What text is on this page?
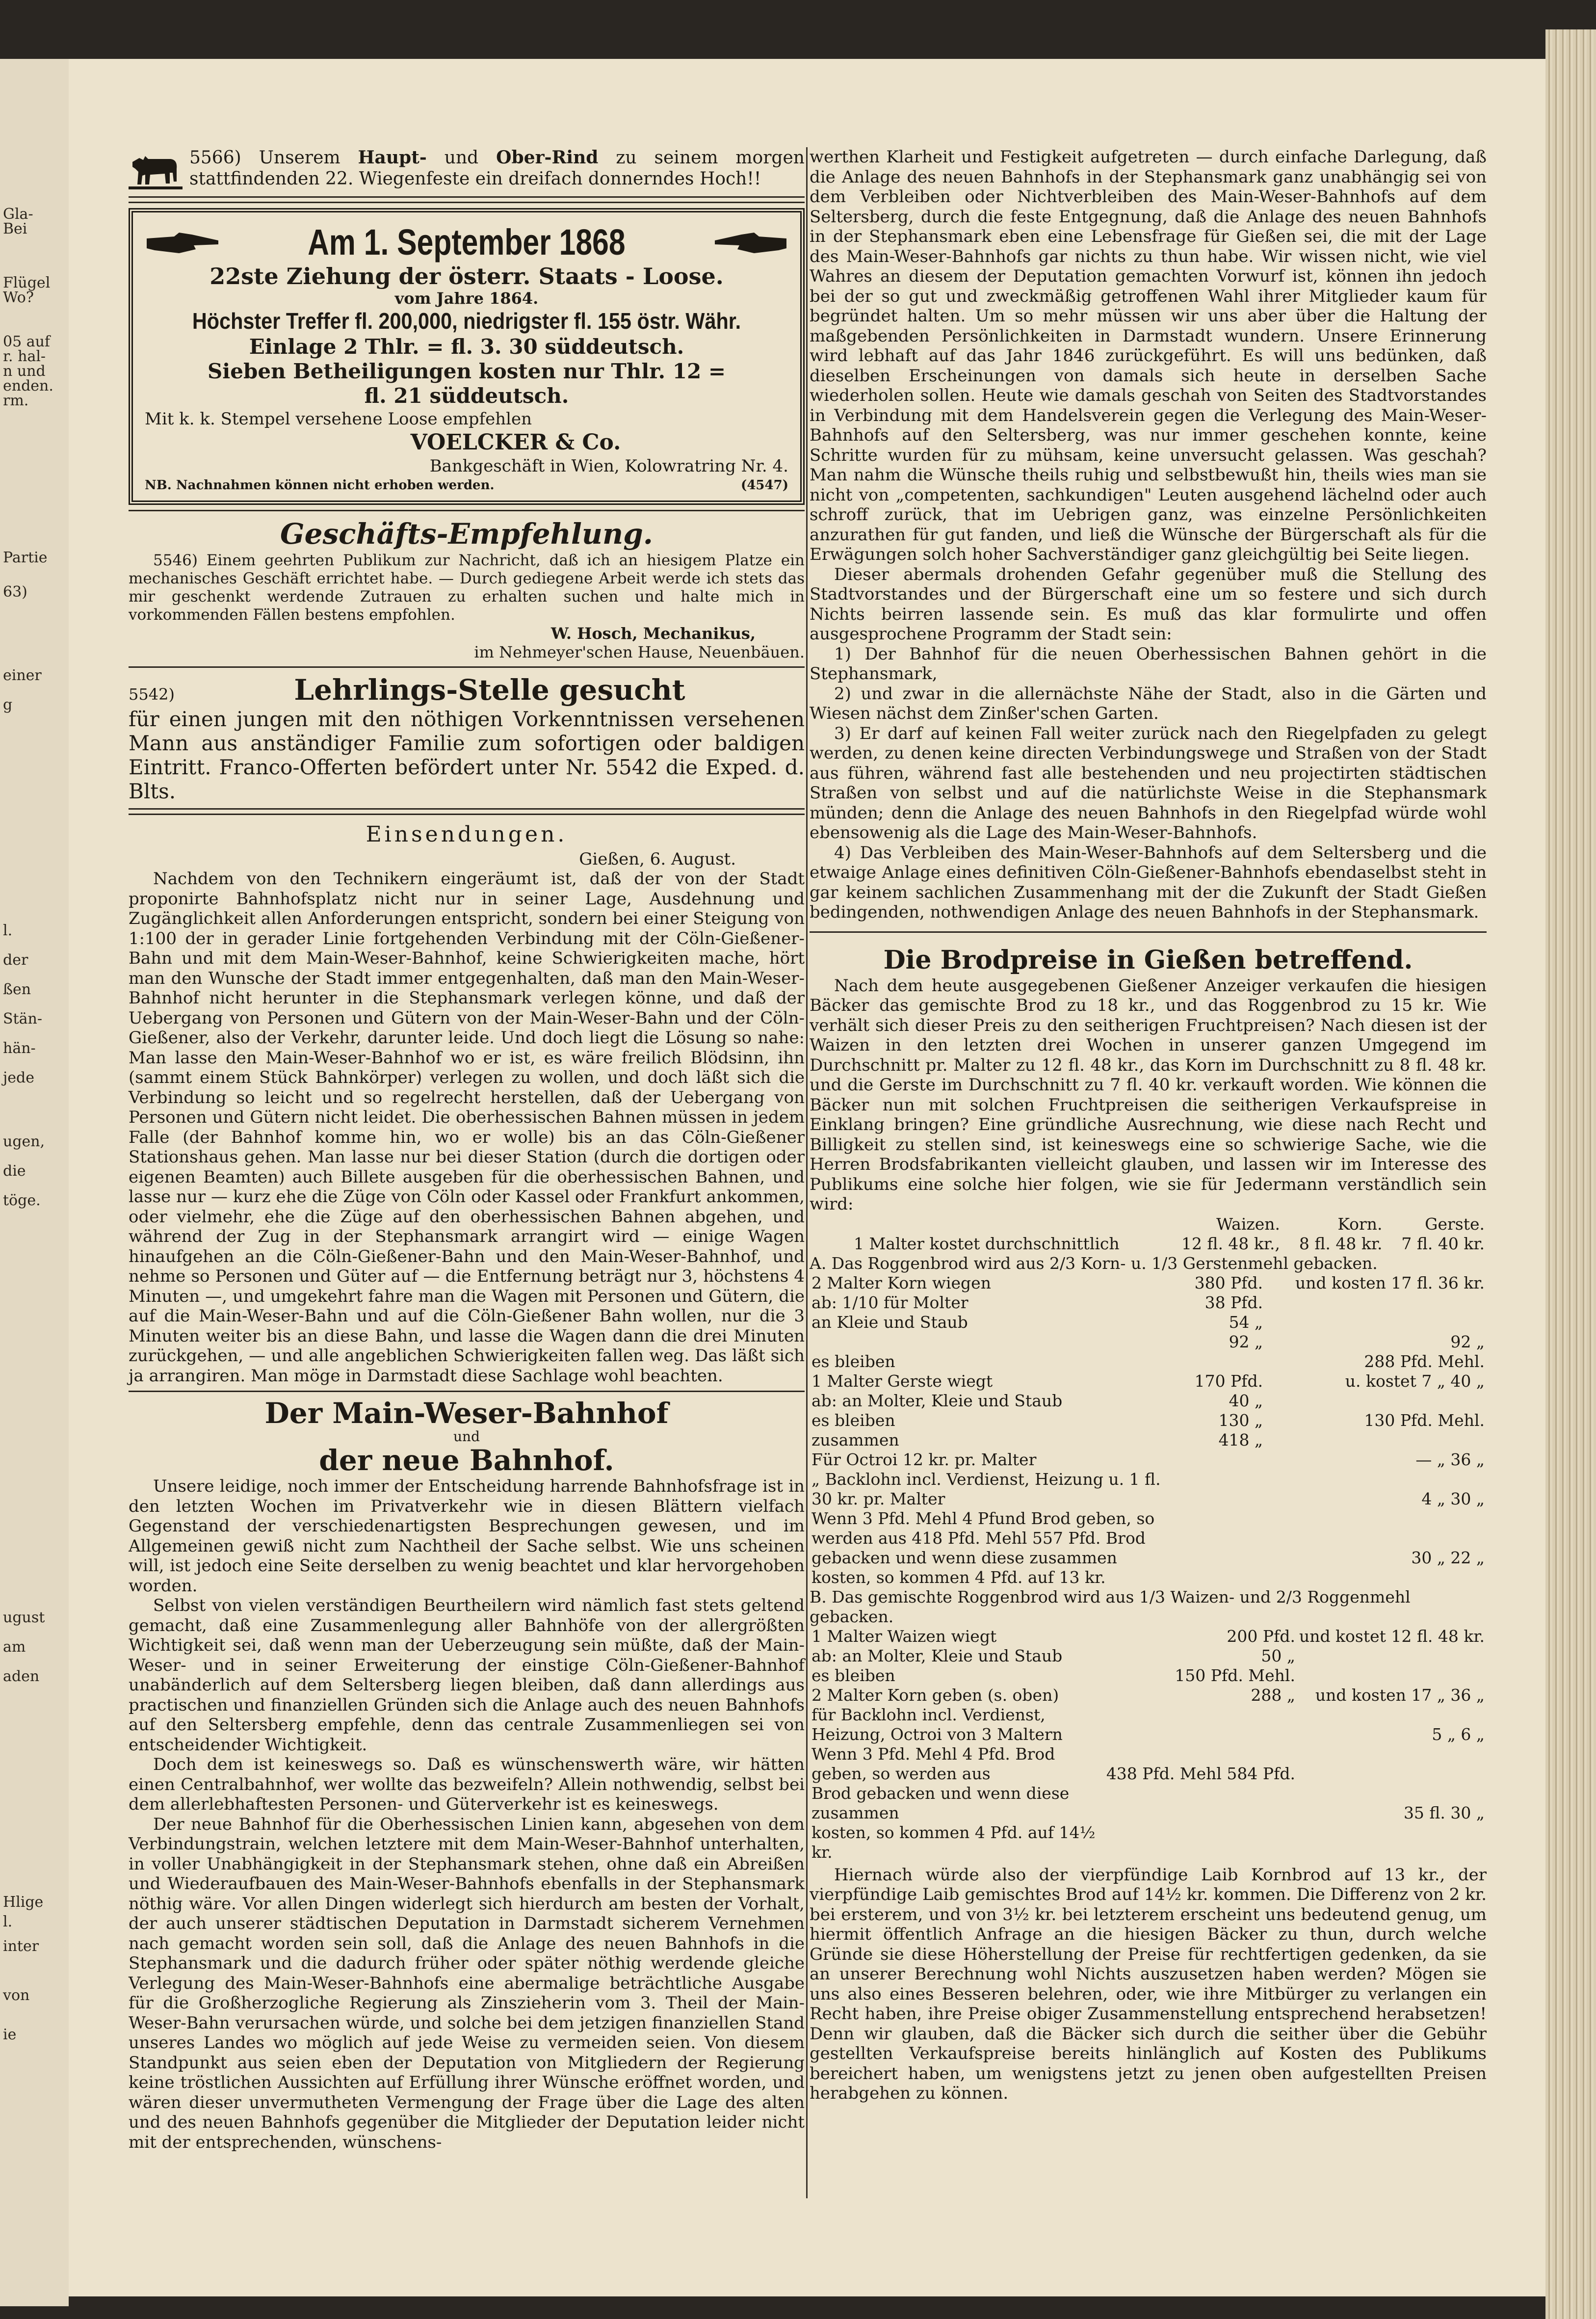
Gla-
Bei
Flügel
Wo?
05 auf
r. hal-
n und
enden.
rm.
Partie
63)
einer
g
l.
der
ßen
Stän-
hän-
jede
ugen,
die
töge.
ugust
am
aden
Hlige
l.
inter
von
ie

5566) Unserem Haupt- und Ober-Rind zu seinem morgen stattfindenden 22. Wiegenfeste ein dreifach donnerndes Hoch!!

Am 1. September 1868
22ste Ziehung der österr. Staats - Loose.
vom Jahre 1864.
Höchster Treffer fl. 200,000, niedrigster fl. 155 östr. Währ.
Einlage 2 Thlr. = fl. 3. 30 süddeutsch.
Sieben Betheiligungen kosten nur Thlr. 12 =
fl. 21 süddeutsch.
Mit k. k. Stempel versehene Loose empfehlen
VOELCKER & Co.
Bankgeschäft in Wien, Kolowratring Nr. 4.
NB. Nachnahmen können nicht erhoben werden.	(4547)
Geschäfts-Empfehlung.

5546) Einem geehrten Publikum zur Nachricht, daß ich an hiesigem Platze ein mechanisches Geschäft errichtet habe. — Durch gediegene Arbeit werde ich stets das mir geschenkt werdende Zutrauen zu erhalten suchen und halte mich in vorkommenden Fällen bestens empfohlen.

W. Hosch, Mechanikus,
im Nehmeyer'schen Hause, Neuenbäuen.
5542)	Lehrlings-Stelle gesucht

für einen jungen mit den nöthigen Vorkenntnissen versehenen Mann aus anständiger Familie zum sofortigen oder baldigen Eintritt. Franco-Offerten befördert unter Nr. 5542 die Exped. d. Blts.

Einsendungen.
Gießen, 6. August.

Nachdem von den Technikern eingeräumt ist, daß der von der Stadt proponirte Bahnhofsplatz nicht nur in seiner Lage, Ausdehnung und Zugänglichkeit allen Anforderungen entspricht, sondern bei einer Steigung von 1:100 der in gerader Linie fortgehenden Verbindung mit der Cöln-Gießener-Bahn und mit dem Main-Weser-Bahnhof, keine Schwierigkeiten mache, hört man den Wunsche der Stadt immer entgegenhalten, daß man den Main-Weser-Bahnhof nicht herunter in die Stephansmark verlegen könne, und daß der Uebergang von Personen und Gütern von der Main-Weser-Bahn und der Cöln-Gießener, also der Verkehr, darunter leide. Und doch liegt die Lösung so nahe: Man lasse den Main-Weser-Bahnhof wo er ist, es wäre freilich Blödsinn, ihn (sammt einem Stück Bahnkörper) verlegen zu wollen, und doch läßt sich die Verbindung so leicht und so regelrecht herstellen, daß der Uebergang von Personen und Gütern nicht leidet. Die oberhessischen Bahnen müssen in jedem Falle (der Bahnhof komme hin, wo er wolle) bis an das Cöln-Gießener Stationshaus gehen. Man lasse nur bei dieser Station (durch die dortigen oder eigenen Beamten) auch Billete ausgeben für die oberhessischen Bahnen, und lasse nur — kurz ehe die Züge von Cöln oder Kassel oder Frankfurt ankommen, oder vielmehr, ehe die Züge auf den oberhessischen Bahnen abgehen, und während der Zug in der Stephansmark arrangirt wird — einige Wagen hinaufgehen an die Cöln-Gießener-Bahn und den Main-Weser-Bahnhof, und nehme so Personen und Güter auf — die Entfernung beträgt nur 3, höchstens 4 Minuten —, und umgekehrt fahre man die Wagen mit Personen und Gütern, die auf die Main-Weser-Bahn und auf die Cöln-Gießener Bahn wollen, nur die 3 Minuten weiter bis an diese Bahn, und lasse die Wagen dann die drei Minuten zurückgehen, — und alle angeblichen Schwierigkeiten fallen weg. Das läßt sich ja arrangiren. Man möge in Darmstadt diese Sachlage wohl beachten.

Der Main-Weser-Bahnhof
und
der neue Bahnhof.

Unsere leidige, noch immer der Entscheidung harrende Bahnhofsfrage ist in den letzten Wochen im Privatverkehr wie in diesen Blättern vielfach Gegenstand der verschiedenartigsten Besprechungen gewesen, und im Allgemeinen gewiß nicht zum Nachtheil der Sache selbst. Wie uns scheinen will, ist jedoch eine Seite derselben zu wenig beachtet und klar hervorgehoben worden.

Selbst von vielen verständigen Beurtheilern wird nämlich fast stets geltend gemacht, daß eine Zusammenlegung aller Bahnhöfe von der allergrößten Wichtigkeit sei, daß wenn man der Ueberzeugung sein müßte, daß der Main-Weser- und in seiner Erweiterung der einstige Cöln-Gießener-Bahnhof unabänderlich auf dem Seltersberg liegen bleiben, daß dann allerdings aus practischen und finanziellen Gründen sich die Anlage auch des neuen Bahnhofs auf den Seltersberg empfehle, denn das centrale Zusammenliegen sei von entscheidender Wichtigkeit.

Doch dem ist keineswegs so. Daß es wünschenswerth wäre, wir hätten einen Centralbahnhof, wer wollte das bezweifeln? Allein nothwendig, selbst bei dem allerlebhaftesten Personen- und Güterverkehr ist es keineswegs.

Der neue Bahnhof für die Oberhessischen Linien kann, abgesehen von dem Verbindungstrain, welchen letztere mit dem Main-Weser-Bahnhof unterhalten, in voller Unabhängigkeit in der Stephansmark stehen, ohne daß ein Abreißen und Wiederaufbauen des Main-Weser-Bahnhofs ebenfalls in der Stephansmark nöthig wäre. Vor allen Dingen widerlegt sich hierdurch am besten der Vorhalt, der auch unserer städtischen Deputation in Darmstadt sicherem Vernehmen nach gemacht worden sein soll, daß die Anlage des neuen Bahnhofs in die Stephansmark und die dadurch früher oder später nöthig werdende gleiche Verlegung des Main-Weser-Bahnhofs eine abermalige beträchtliche Ausgabe für die Großherzogliche Regierung als Zinszieherin vom 3. Theil der Main-Weser-Bahn verursachen würde, und solche bei dem jetzigen finanziellen Stand unseres Landes wo möglich auf jede Weise zu vermeiden seien. Von diesem Standpunkt aus seien eben der Deputation von Mitgliedern der Regierung keine tröstlichen Aussichten auf Erfüllung ihrer Wünsche eröffnet worden, und wären dieser unvermutheten Vermengung der Frage über die Lage des alten und des neuen Bahnhofs gegenüber die Mitglieder der Deputation leider nicht mit der entsprechenden, wünschens-

werthen Klarheit und Festigkeit aufgetreten — durch einfache Darlegung, daß die Anlage des neuen Bahnhofs in der Stephansmark ganz unabhängig sei von dem Verbleiben oder Nichtverbleiben des Main-Weser-Bahnhofs auf dem Seltersberg, durch die feste Entgegnung, daß die Anlage des neuen Bahnhofs in der Stephansmark eben eine Lebensfrage für Gießen sei, die mit der Lage des Main-Weser-Bahnhofs gar nichts zu thun habe. Wir wissen nicht, wie viel Wahres an diesem der Deputation gemachten Vorwurf ist, können ihn jedoch bei der so gut und zweckmäßig getroffenen Wahl ihrer Mitglieder kaum für begründet halten. Um so mehr müssen wir uns aber über die Haltung der maßgebenden Persönlichkeiten in Darmstadt wundern. Unsere Erinnerung wird lebhaft auf das Jahr 1846 zurückgeführt. Es will uns bedünken, daß dieselben Erscheinungen von damals sich heute in derselben Sache wiederholen sollen. Heute wie damals geschah von Seiten des Stadtvorstandes in Verbindung mit dem Handelsverein gegen die Verlegung des Main-Weser-Bahnhofs auf den Seltersberg, was nur immer geschehen konnte, keine Schritte wurden für zu mühsam, keine unversucht gelassen. Was geschah? Man nahm die Wünsche theils ruhig und selbstbewußt hin, theils wies man sie nicht von „competenten, sachkundigen" Leuten ausgehend lächelnd oder auch schroff zurück, that im Uebrigen ganz, was einzelne Persönlichkeiten anzurathen für gut fanden, und ließ die Wünsche der Bürgerschaft als für die Erwägungen solch hoher Sachverständiger ganz gleichgültig bei Seite liegen.

Dieser abermals drohenden Gefahr gegenüber muß die Stellung des Stadtvorstandes und der Bürgerschaft eine um so festere und sich durch Nichts beirren lassende sein. Es muß das klar formulirte und offen ausgesprochene Programm der Stadt sein:

1) Der Bahnhof für die neuen Oberhessischen Bahnen gehört in die Stephansmark,

2) und zwar in die allernächste Nähe der Stadt, also in die Gärten und Wiesen nächst dem Zinßer'schen Garten.

3) Er darf auf keinen Fall weiter zurück nach den Riegelpfaden zu gelegt werden, zu denen keine directen Verbindungswege und Straßen von der Stadt aus führen, während fast alle bestehenden und neu projectirten städtischen Straßen von selbst und auf die natürlichste Weise in die Stephansmark münden; denn die Anlage des neuen Bahnhofs in den Riegelpfad würde wohl ebensowenig als die Lage des Main-Weser-Bahnhofs.

4) Das Verbleiben des Main-Weser-Bahnhofs auf dem Seltersberg und die etwaige Anlage eines definitiven Cöln-Gießener-Bahnhofs ebendaselbst steht in gar keinem sachlichen Zusammenhang mit der die Zukunft der Stadt Gießen bedingenden, nothwendigen Anlage des neuen Bahnhofs in der Stephansmark.

Die Brodpreise in Gießen betreffend.

Nach dem heute ausgegebenen Gießener Anzeiger verkaufen die hiesigen Bäcker das gemischte Brod zu 18 kr., und das Roggenbrod zu 15 kr. Wie verhält sich dieser Preis zu den seitherigen Fruchtpreisen? Nach diesen ist der Waizen in den letzten drei Wochen in unserer ganzen Umgegend im Durchschnitt pr. Malter zu 12 fl. 48 kr., das Korn im Durchschnitt zu 8 fl. 48 kr. und die Gerste im Durchschnitt zu 7 fl. 40 kr. verkauft worden. Wie können die Bäcker nun mit solchen Fruchtpreisen die seitherigen Verkaufspreise in Einklang bringen? Eine gründliche Ausrechnung, wie diese nach Recht und Billigkeit zu stellen sind, ist keineswegs eine so schwierige Sache, wie die Herren Brodsfabrikanten vielleicht glauben, und lassen wir im Interesse des Publikums eine solche hier folgen, wie sie für Jedermann verständlich sein wird:

	Waizen.	Korn.	Gerste.
1 Malter kostet durchschnittlich	12 fl. 48 kr.,	8 fl. 48 kr.	7 fl. 40 kr.
A. Das Roggenbrod wird aus 2/3 Korn- u. 1/3 Gerstenmehl gebacken.
2 Malter Korn wiegen	380 Pfd.	und kosten 17 fl. 36 kr.
ab: 1/10 für Molter	38 Pfd.	
an Kleie und Staub	54 „	
	92 „	92 „
es bleiben		288 Pfd. Mehl.
1 Malter Gerste wiegt	170 Pfd.	u. kostet 7 „ 40 „
ab: an Molter, Kleie und Staub	40 „	
es bleiben	130 „	130 Pfd. Mehl.
zusammen	418 „	
Für Octroi 12 kr. pr. Malter		— „ 36 „
„ Backlohn incl. Verdienst, Heizung u. 1 fl. 30 kr. pr. Malter		4 „ 30 „
Wenn 3 Pfd. Mehl 4 Pfund Brod geben, so werden aus 418 Pfd. Mehl 557 Pfd. Brod gebacken und wenn diese zusammen		30 „ 22 „
kosten, so kommen 4 Pfd. auf 13 kr.		
B. Das gemischte Roggenbrod wird aus 1/3 Waizen- und 2/3 Roggenmehl gebacken.
1 Malter Waizen wiegt	200 Pfd.	und kostet 12 fl. 48 kr.
ab: an Molter, Kleie und Staub	50 „	
es bleiben	150 Pfd. Mehl.	
2 Malter Korn geben (s. oben)	288 „	und kosten 17 „ 36 „
für Backlohn incl. Verdienst, Heizung, Octroi von 3 Maltern		5 „ 6 „
Wenn 3 Pfd. Mehl 4 Pfd. Brod geben, so werden aus	438 Pfd. Mehl 584 Pfd.	
Brod gebacken und wenn diese zusammen		35 fl. 30 „
kosten, so kommen 4 Pfd. auf 14½ kr.		

Hiernach würde also der vierpfündige Laib Kornbrod auf 13 kr., der vierpfündige Laib gemischtes Brod auf 14½ kr. kommen. Die Differenz von 2 kr. bei ersterem, und von 3½ kr. bei letzterem erscheint uns bedeutend genug, um hiermit öffentlich Anfrage an die hiesigen Bäcker zu thun, durch welche Gründe sie diese Höherstellung der Preise für rechtfertigen gedenken, da sie an unserer Berechnung wohl Nichts auszusetzen haben werden? Mögen sie uns also eines Besseren belehren, oder, wie ihre Mitbürger zu verlangen ein Recht haben, ihre Preise obiger Zusammenstellung entsprechend herabsetzen! Denn wir glauben, daß die Bäcker sich durch die seither über die Gebühr gestellten Verkaufspreise bereits hinlänglich auf Kosten des Publikums bereichert haben, um wenigstens jetzt zu jenen oben aufgestellten Preisen herabgehen zu können.
